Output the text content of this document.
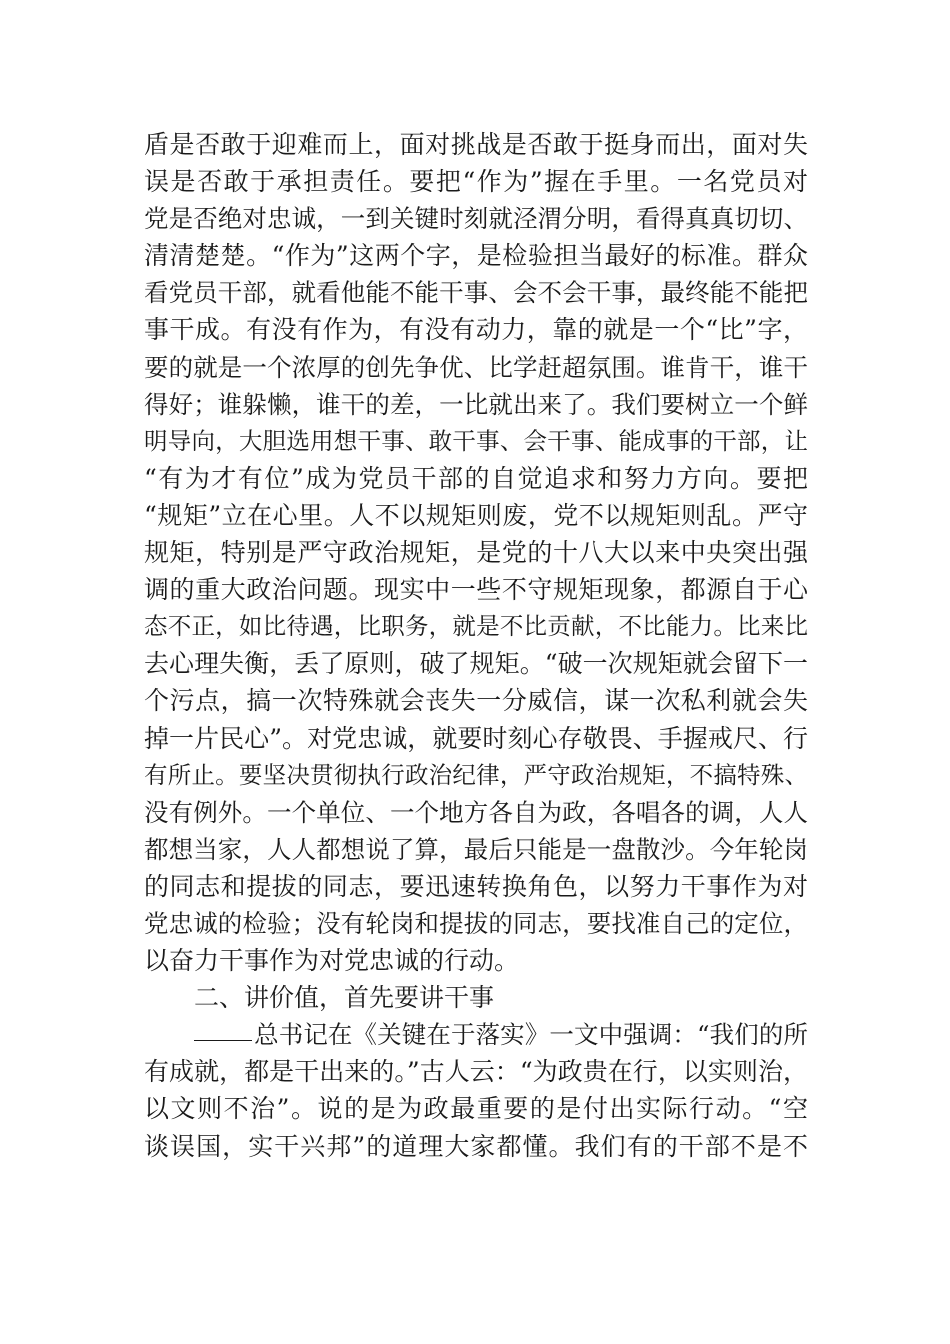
盾是否敢于迎难而上，面对挑战是否敢于挺身而出，面对失
误是否敢于承担责任。要把“作为”握在手里。一名党员对
党是否绝对忠诚，一到关键时刻就泾渭分明，看得真真切切、
清清楚楚。“作为”这两个字，是检验担当最好的标准。群众
看党员干部，就看他能不能干事、会不会干事，最终能不能把
事干成。有没有作为，有没有动力，靠的就是一个“比”字，
要的就是一个浓厚的创先争优、比学赶超氛围。谁肯干，谁干
得好；谁躲懒，谁干的差，一比就出来了。我们要树立一个鲜
明导向，大胆选用想干事、敢干事、会干事、能成事的干部，让
“有为才有位”成为党员干部的自觉追求和努力方向。要把
“规矩”立在心里。人不以规矩则废，党不以规矩则乱。严守
规矩，特别是严守政治规矩，是党的十八大以来中央突出强
调的重大政治问题。现实中一些不守规矩现象，都源自于心
态不正，如比待遇，比职务，就是不比贡献，不比能力。比来比
去心理失衡，丢了原则，破了规矩。“破一次规矩就会留下一
个污点，搞一次特殊就会丧失一分威信，谋一次私利就会失
掉一片民心”。对党忠诚，就要时刻心存敬畏、手握戒尺、行
有所止。要坚决贯彻执行政治纪律，严守政治规矩，不搞特殊、
没有例外。一个单位、一个地方各自为政，各唱各的调，人人
都想当家，人人都想说了算，最后只能是一盘散沙。今年轮岗
的同志和提拔的同志，要迅速转换角色，以努力干事作为对
党忠诚的检验；没有轮岗和提拔的同志，要找准自己的定位，
以奋力干事作为对党忠诚的行动。
二、讲价值，首先要讲干事
总书记在《关键在于落实》一文中强调：“我们的所
有成就，都是干出来的。”古人云：“为政贵在行，以实则治，
以文则不治”。说的是为政最重要的是付出实际行动。“空
谈误国，实干兴邦”的道理大家都懂。我们有的干部不是不
